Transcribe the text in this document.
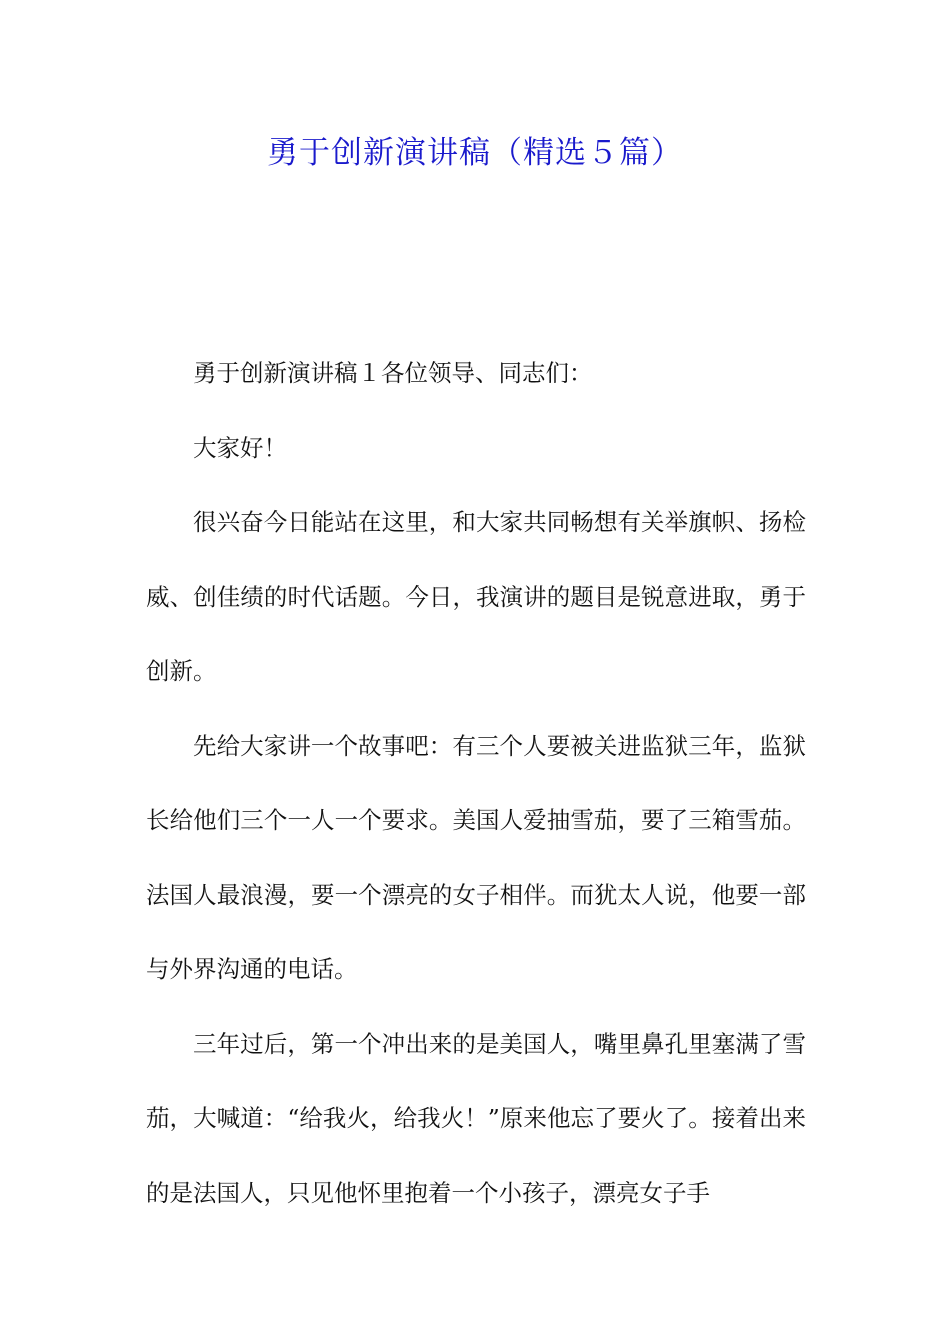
勇于创新演讲稿（精选５篇）

勇于创新演讲稿１各位领导、同志们：

大家好！

很兴奋今日能站在这里，和大家共同畅想有关举旗帜、扬检威、创佳绩的时代话题。今日，我演讲的题目是锐意进取，勇于创新。

先给大家讲一个故事吧：有三个人要被关进监狱三年，监狱长给他们三个一人一个要求。美国人爱抽雪茄，要了三箱雪茄。法国人最浪漫，要一个漂亮的女子相伴。而犹太人说，他要一部与外界沟通的电话。

三年过后，第一个冲出来的是美国人，嘴里鼻孔里塞满了雪茄，大喊道：“给我火，给我火！”原来他忘了要火了。接着出来的是法国人，只见他怀里抱着一个小孩子，漂亮女子手
